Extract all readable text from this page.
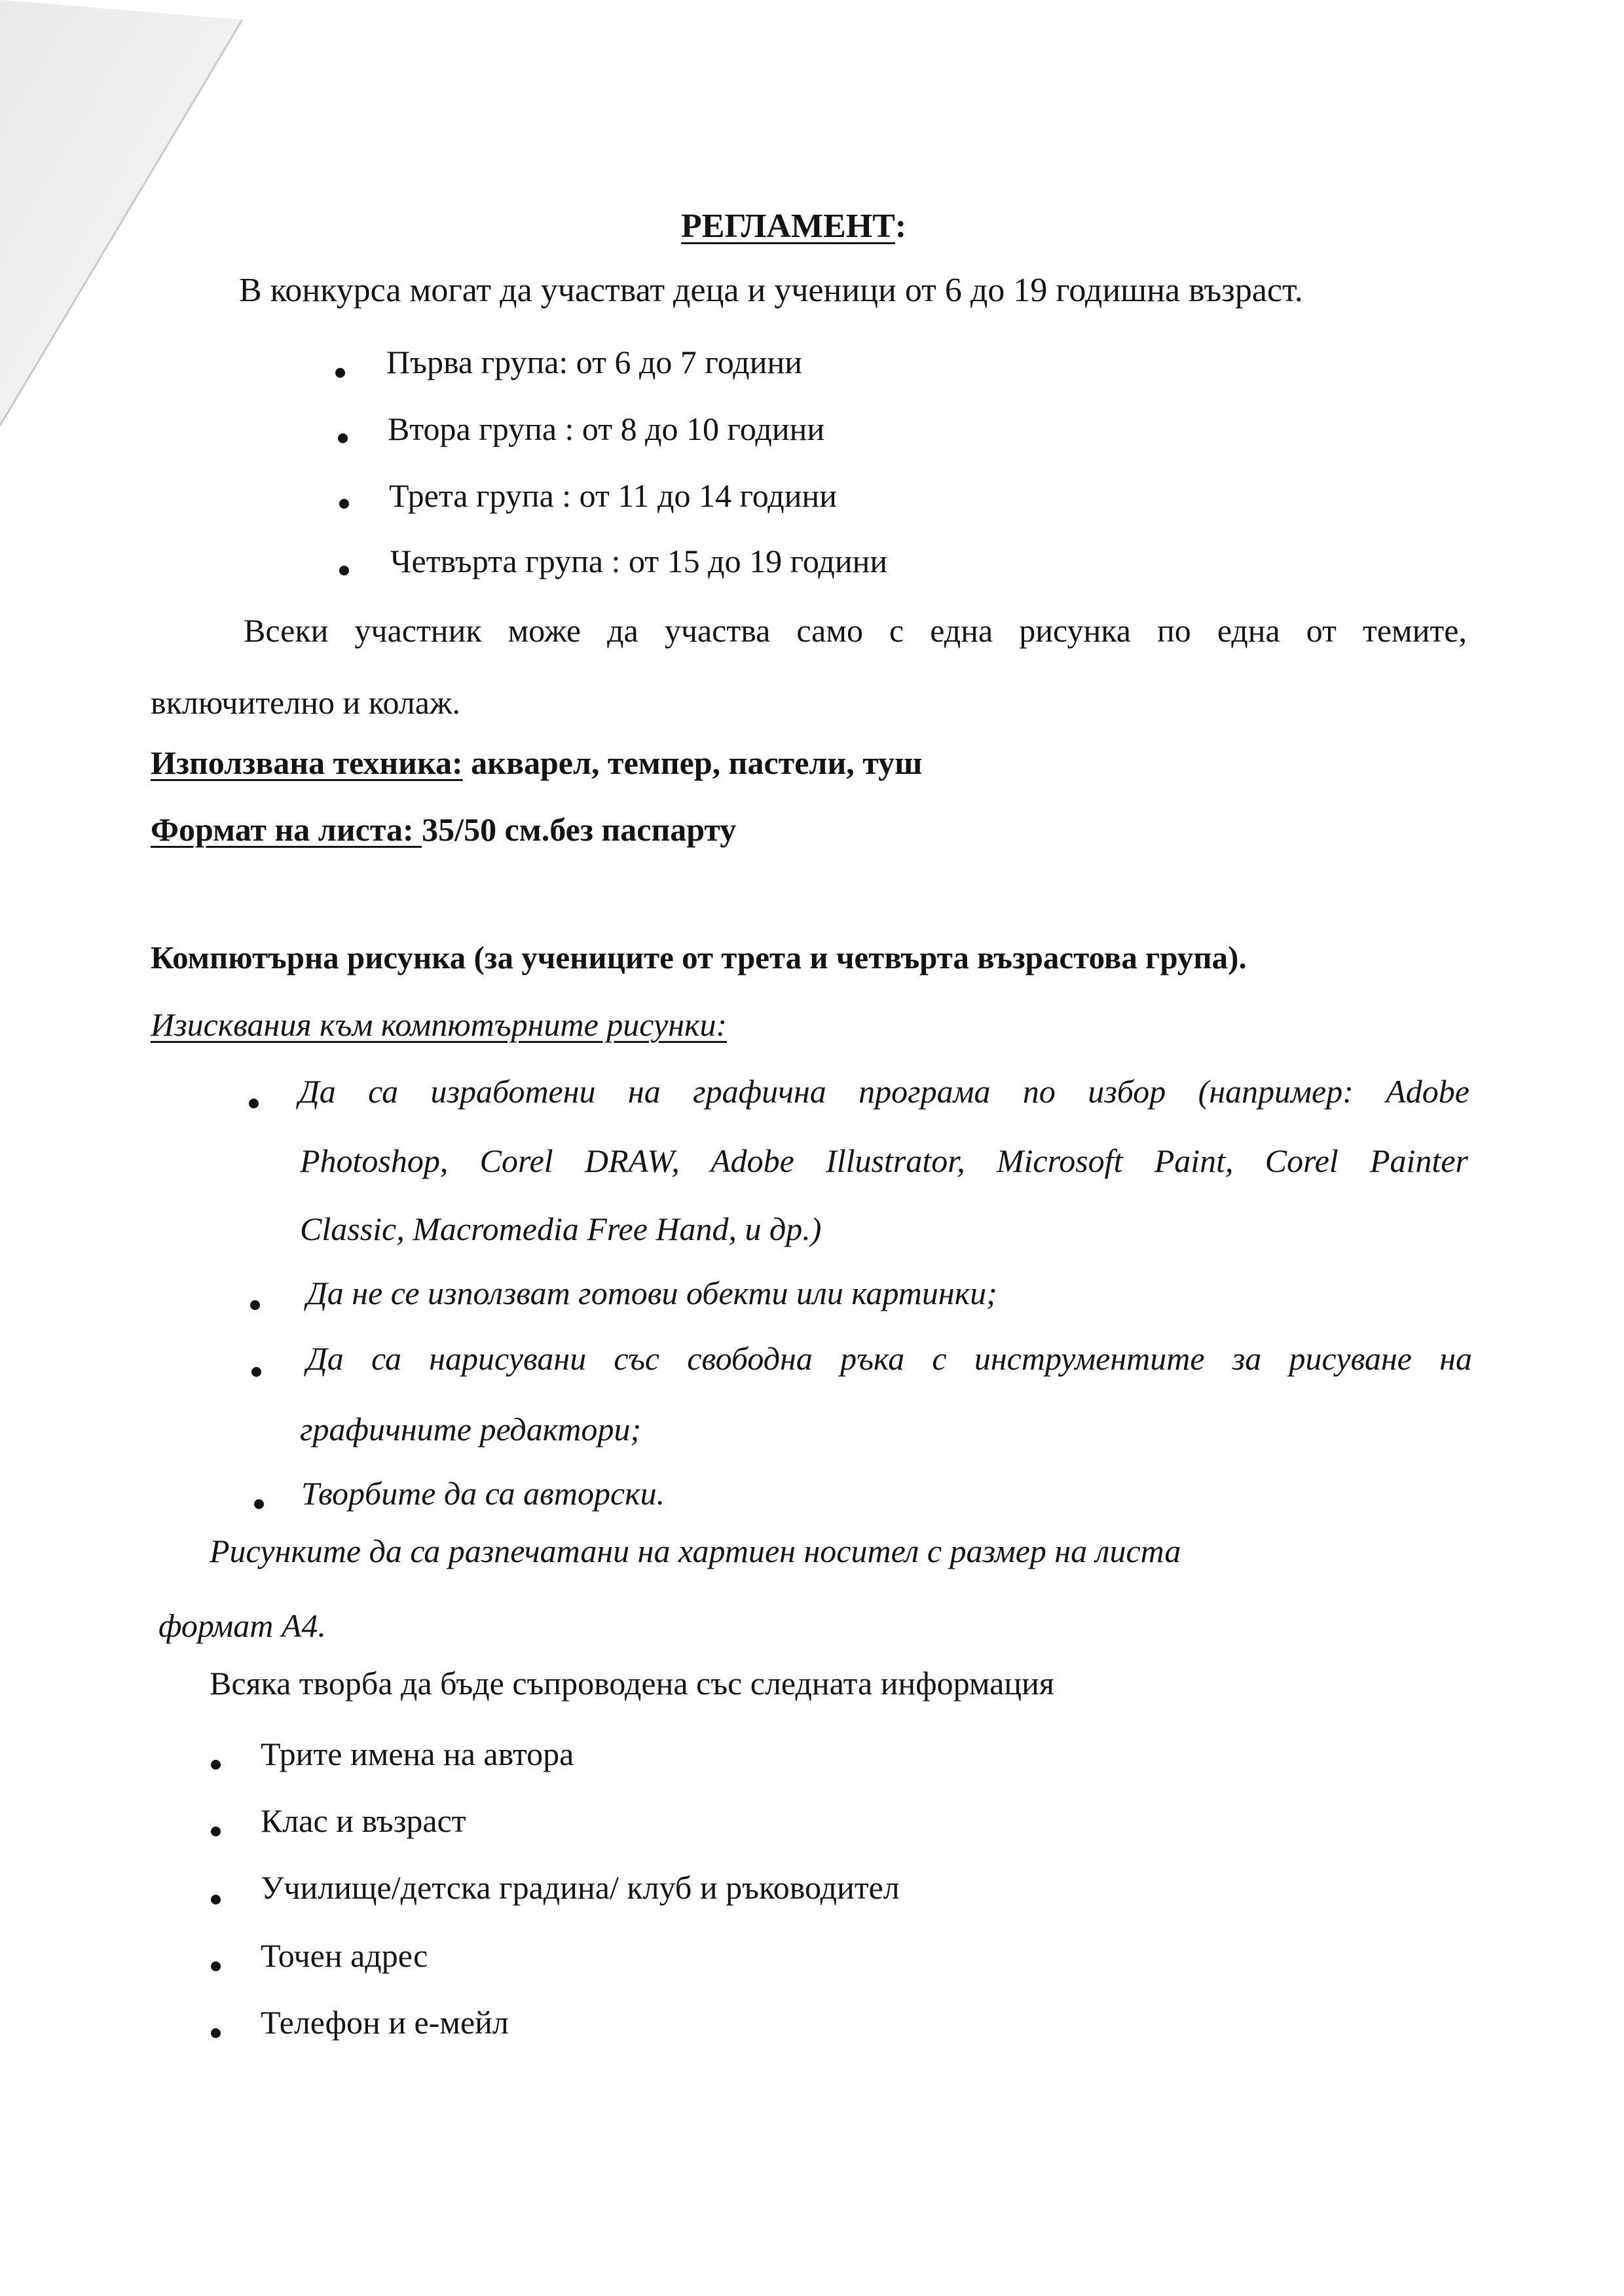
РЕГЛАМЕНТ:
В конкурса могат да участват деца и ученици от 6 до 19 годишна възраст.
Първа група: от 6 до 7 години
Втора група : от 8 до 10 години
Трета група : от 11 до 14 години
Четвърта група : от 15 до 19 години
Всеки участник може да участва само с една рисунка по една от темите,
включително и колаж.
Използвана техника: акварел, темпер, пастели, туш
Формат на листа: 35/50 см.без паспарту
Компютърна рисунка (за учениците от трета и четвърта възрастова група).
Изисквания към компютърните рисунки:
Да са изработени на графична програма по избор (например: Adobe
Photoshop, Corel DRAW, Adobe Illustrator, Microsoft Paint, Corel Painter
Classic, Macromedia Free Hand, и др.)
Да не се използват готови обекти или картинки;
Да са нарисувани със свободна ръка с инструментите за рисуване на
графичните редактори;
Творбите да са авторски.
Рисунките да са разпечатани на хартиен носител с размер на листа
формат А4.
Всяка творба да бъде съпроводена със следната информация
Трите имена на автора
Клас и възраст
Училище/детска градина/ клуб и ръководител
Точен адрес
Телефон и е-мейл
